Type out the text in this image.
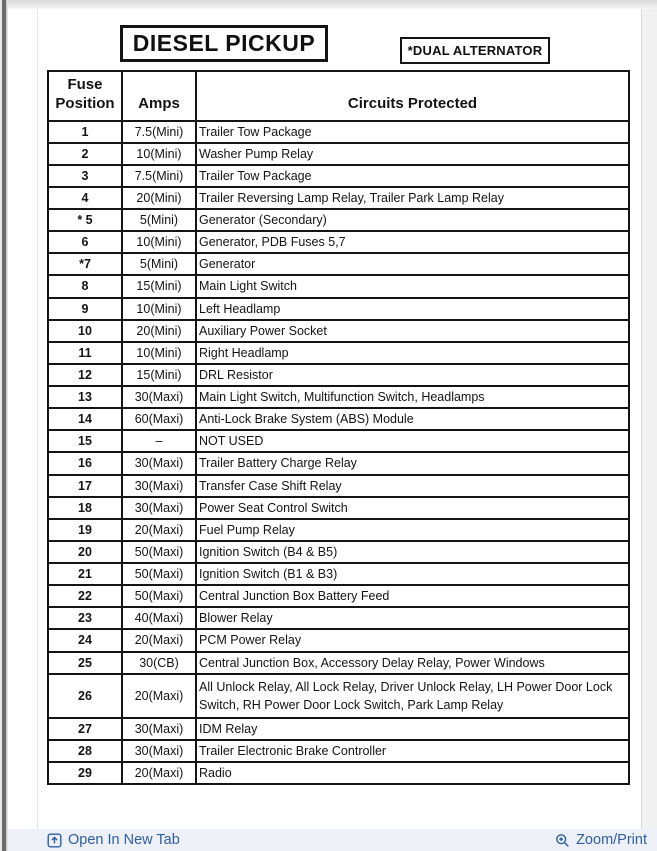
DIESEL PICKUP	*DUAL ALTERNATOR
Fuse
Position	Amps	Circuits Protected
1	7.5(Mini)	Trailer Tow Package
2	10(Mini)	Washer Pump Relay
3	7.5(Mini)	Trailer Tow Package
4	20(Mini)	Trailer Reversing Lamp Relay, Trailer Park Lamp Relay
* 5	5(Mini)	Generator (Secondary)
6	10(Mini)	Generator, PDB Fuses 5,7
*7	5(Mini)	Generator
8	15(Mini)	Main Light Switch
9	10(Mini)	Left Headlamp
10	20(Mini)	Auxiliary Power Socket
11	10(Mini)	Right Headlamp
12	15(Mini)	DRL Resistor
13	30(Maxi)	Main Light Switch, Multifunction Switch, Headlamps
14	60(Maxi)	Anti-Lock Brake System (ABS) Module
15	–	NOT USED
16	30(Maxi)	Trailer Battery Charge Relay
17	30(Maxi)	Transfer Case Shift Relay
18	30(Maxi)	Power Seat Control Switch
19	20(Maxi)	Fuel Pump Relay
20	50(Maxi)	Ignition Switch (B4 & B5)
21	50(Maxi)	Ignition Switch (B1 & B3)
22	50(Maxi)	Central Junction Box Battery Feed
23	40(Maxi)	Blower Relay
24	20(Maxi)	PCM Power Relay
25	30(CB)	Central Junction Box, Accessory Delay Relay, Power Windows
26	20(Maxi)	All Unlock Relay, All Lock Relay, Driver Unlock Relay, LH Power Door Lock Switch, RH Power Door Lock Switch, Park Lamp Relay
27	30(Maxi)	IDM Relay
28	30(Maxi)	Trailer Electronic Brake Controller
29	20(Maxi)	Radio
Open In New Tab	Zoom/Print
